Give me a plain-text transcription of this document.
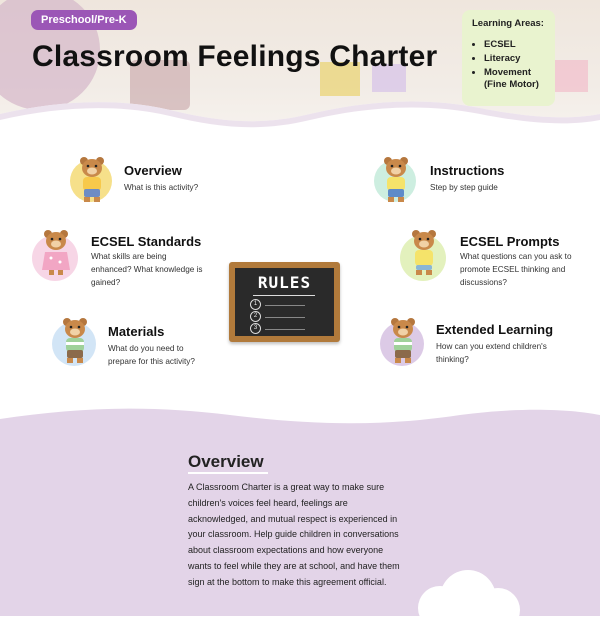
Preschool/Pre-K
Classroom Feelings Charter
Learning Areas:
• ECSEL
• Literacy
• Movement
(Fine Motor)
Overview

What is this activity?

Instructions

Step by step guide

ECSEL Standards

What skills are being enhanced? What knowledge is gained?

ECSEL Prompts

What questions can you ask to promote ECSEL thinking and discussions?

Materials

What do you need to prepare for this activity?

Extended Learning

How can you extend children's thinking?

RULES
1
2
3
Overview

A Classroom Charter is a great way to make sure children's voices feel heard, feelings are acknowledged, and mutual respect is experienced in your classroom. Help guide children in conversations about classroom expectations and how everyone wants to feel while they are at school, and have them sign at the bottom to make this agreement official.
